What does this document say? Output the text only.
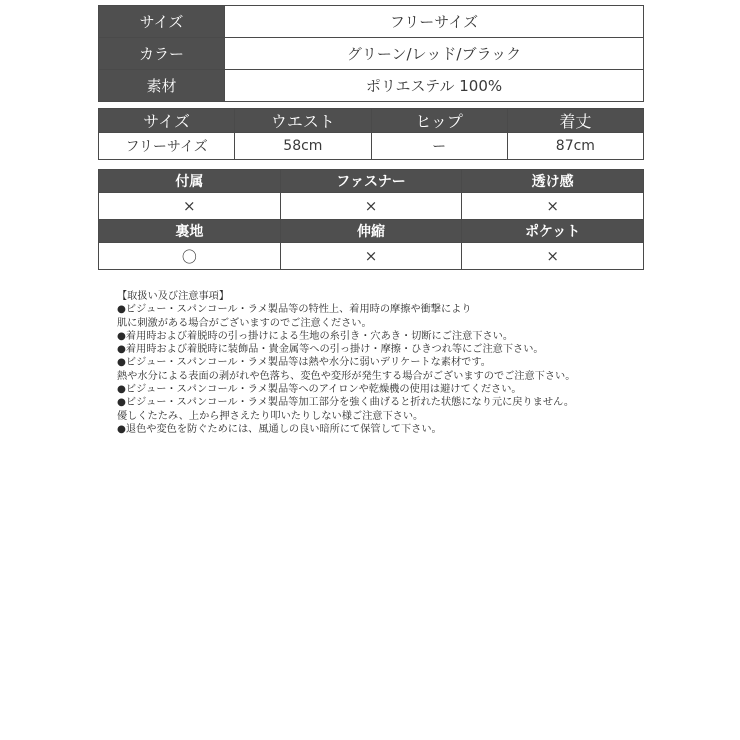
サイズ	フリーサイズ
カラー	グリーン/レッド/ブラック
素材	ポリエステル 100%
サイズ	ウエスト	ヒップ	着丈
フリーサイズ	58cm	ー	87cm
付属	ファスナー	透け感
×	×	×
裏地	伸縮	ポケット
〇	×	×
【取扱い及び注意事項】
●ビジュー・スパンコール・ラメ製品等の特性上、着用時の摩擦や衝撃により
肌に刺激がある場合がございますのでご注意ください。
●着用時および着脱時の引っ掛けによる生地の糸引き・穴あき・切断にご注意下さい。
●着用時および着脱時に装飾品・貴金属等への引っ掛け・摩擦・ひきつれ等にご注意下さい。
●ビジュー・スパンコール・ラメ製品等は熱や水分に弱いデリケートな素材です。
熱や水分による表面の剥がれや色落ち、変色や変形が発生する場合がございますのでご注意下さい。
●ビジュー・スパンコール・ラメ製品等へのアイロンや乾燥機の使用は避けてください。
●ビジュー・スパンコール・ラメ製品等加工部分を強く曲げると折れた状態になり元に戻りません。
優しくたたみ、上から押さえたり叩いたりしない様ご注意下さい。
●退色や変色を防ぐためには、風通しの良い暗所にて保管して下さい。
